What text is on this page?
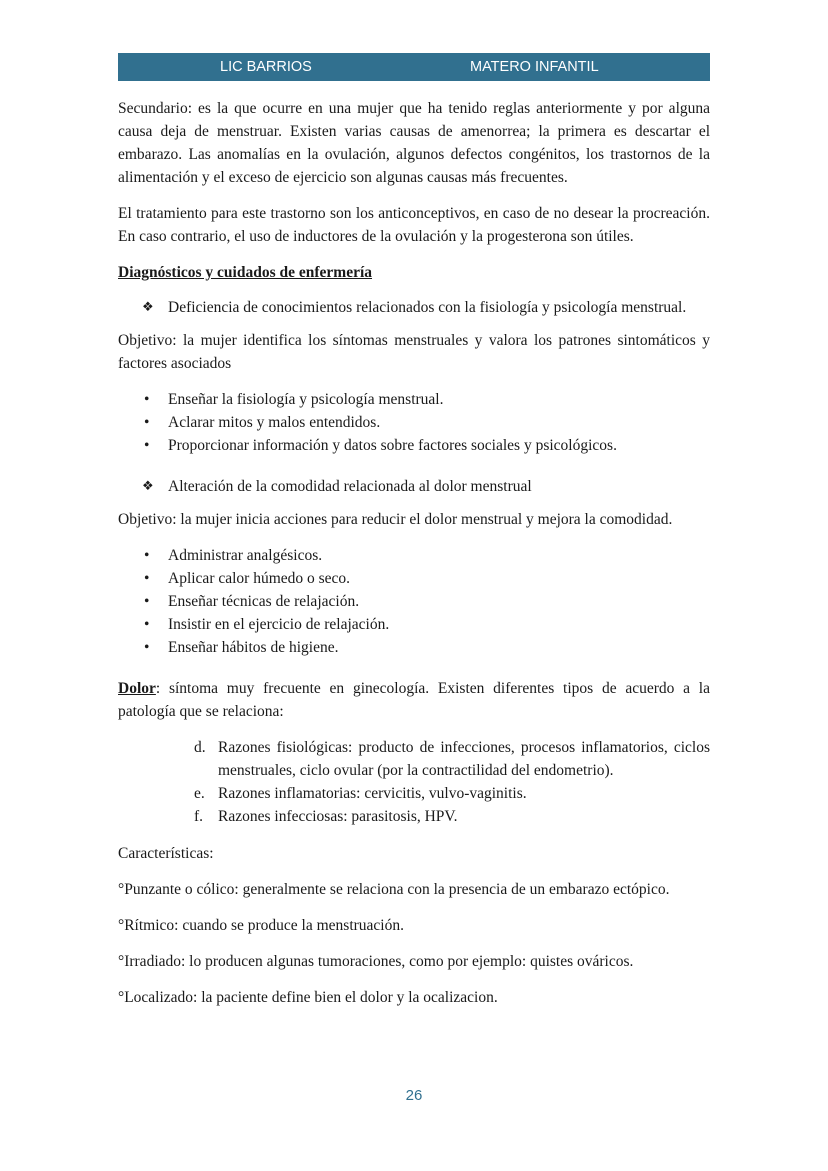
LIC BARRIOS	MATERO INFANTIL

Secundario: es la que ocurre en una mujer que ha tenido reglas anteriormente y por alguna causa deja de menstruar. Existen varias causas de amenorrea; la primera es descartar el embarazo. Las anomalías en la ovulación, algunos defectos congénitos, los trastornos de la alimentación y el exceso de ejercicio son algunas causas más frecuentes.

El tratamiento para este trastorno son los anticonceptivos, en caso de no desear la procreación. En caso contrario, el uso de inductores de la ovulación y la progesterona son útiles.

Diagnósticos y cuidados de enfermería

❖ Deficiencia de conocimientos relacionados con la fisiología y psicología menstrual.

Objetivo: la mujer identifica los síntomas menstruales y valora los patrones sintomáticos y factores asociados

• Enseñar la fisiología y psicología menstrual.
• Aclarar mitos y malos entendidos.
• Proporcionar información y datos sobre factores sociales y psicológicos.
❖ Alteración de la comodidad relacionada al dolor menstrual

Objetivo: la mujer inicia acciones para reducir el dolor menstrual y mejora la comodidad.

• Administrar analgésicos.
• Aplicar calor húmedo o seco.
• Enseñar técnicas de relajación.
• Insistir en el ejercicio de relajación.
• Enseñar hábitos de higiene.

Dolor: síntoma muy frecuente en ginecología. Existen diferentes tipos de acuerdo a la patología que se relaciona:

d. Razones fisiológicas: producto de infecciones, procesos inflamatorios, ciclos menstruales, ciclo ovular (por la contractilidad del endometrio).
e. Razones inflamatorias: cervicitis, vulvo-vaginitis.
f. Razones infecciosas: parasitosis, HPV.

Características:

°Punzante o cólico: generalmente se relaciona con la presencia de un embarazo ectópico.

°Rítmico: cuando se produce la menstruación.

°Irradiado: lo producen algunas tumoraciones, como por ejemplo: quistes ováricos.

°Localizado: la paciente define bien el dolor y la ocalizacion.

26
